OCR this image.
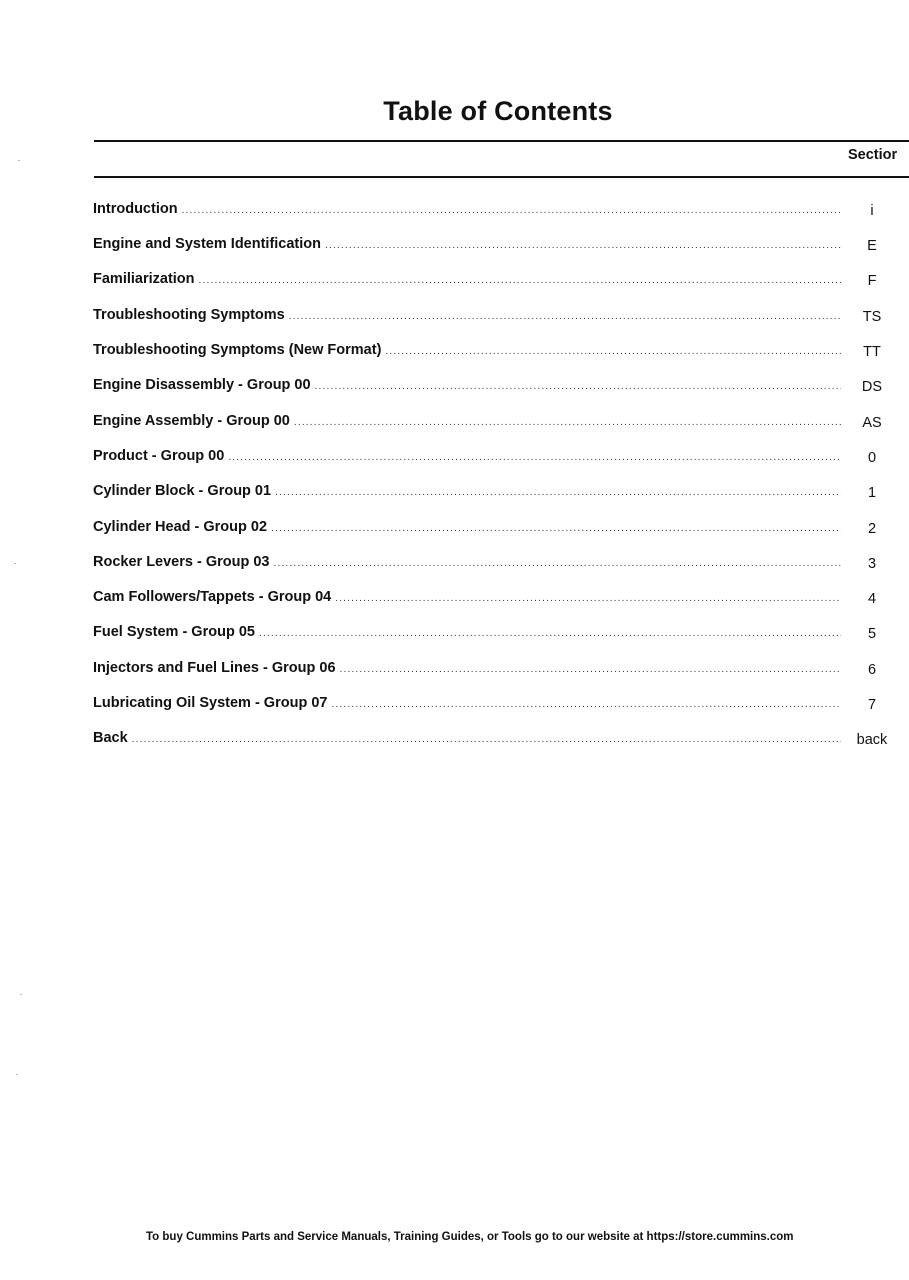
Table of Contents
Sectior
Introduction .....	i
Engine and System Identification .....	E
Familiarization .....	F
Troubleshooting Symptoms .....	TS
Troubleshooting Symptoms (New Format) .....	TT
Engine Disassembly - Group 00 .....	DS
Engine Assembly - Group 00 .....	AS
Product - Group 00 .....	0
Cylinder Block - Group 01 .....	1
Cylinder Head - Group 02 .....	2
Rocker Levers - Group 03 .....	3
Cam Followers/Tappets - Group 04 .....	4
Fuel System - Group 05 .....	5
Injectors and Fuel Lines - Group 06 .....	6
Lubricating Oil System - Group 07 .....	7
Back .....	back
To buy Cummins Parts and Service Manuals, Training Guides, or Tools go to our website at https://store.cummins.com
